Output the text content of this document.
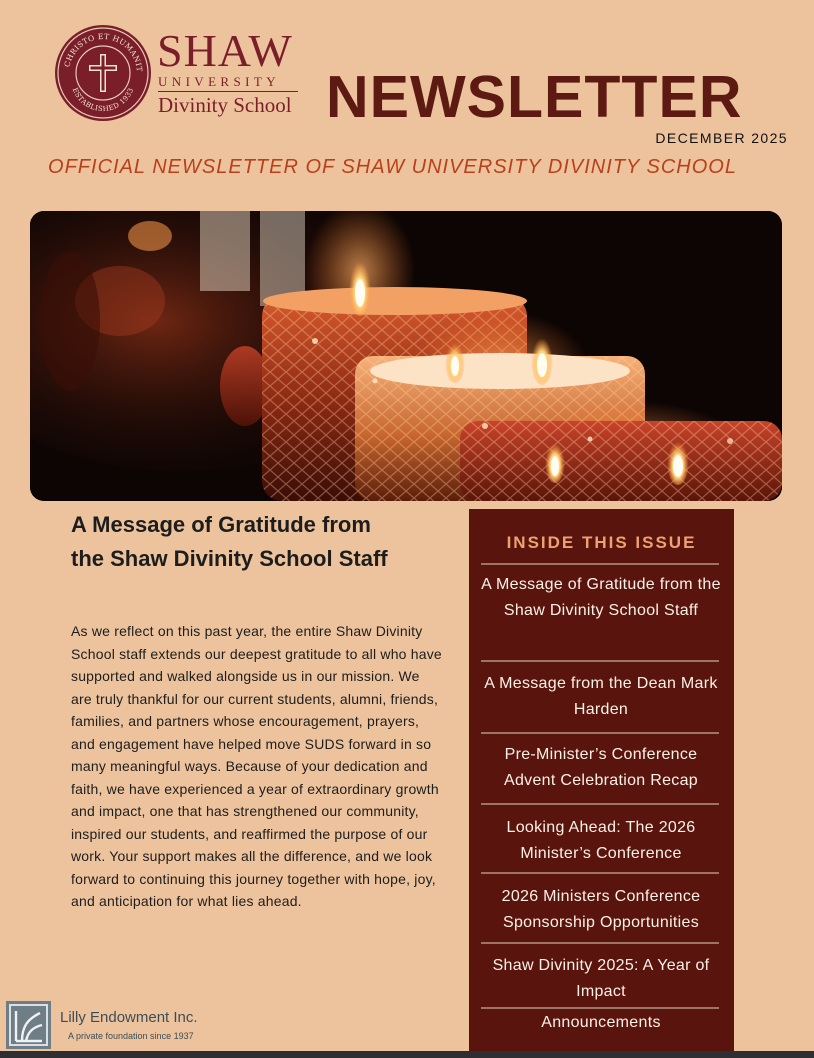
CHRISTO ET HUMANIT
ESTABLISHED 1933
SHAW
UNIVERSITY
Divinity School NEWSLETTER
DECEMBER 2025
OFFICIAL NEWSLETTER OF SHAW UNIVERSITY DIVINITY SCHOOL
A Message of Gratitude from the Shaw Divinity School Staff
As we reflect on this past year, the entire Shaw Divinity School staff extends our deepest gratitude to all who have supported and walked alongside us in our mission. We are truly thankful for our current students, alumni, friends, families, and partners whose encouragement, prayers, and engagement have helped move SUDS forward in so many meaningful ways. Because of your dedication and faith, we have experienced a year of extraordinary growth and impact, one that has strengthened our community, inspired our students, and reaffirmed the purpose of our work. Your support makes all the difference, and we look forward to continuing this journey together with hope, joy, and anticipation for what lies ahead.
INSIDE THIS ISSUE
A Message of Gratitude from the Shaw Divinity School Staff
A Message from the Dean Mark Harden
Pre-Minister’s Conference Advent Celebration Recap
Looking Ahead: The 2026 Minister’s Conference
2026 Ministers Conference Sponsorship Opportunities
Shaw Divinity 2025: A Year of Impact
Announcements
Lilly Endowment Inc.
A private foundation since 1937
